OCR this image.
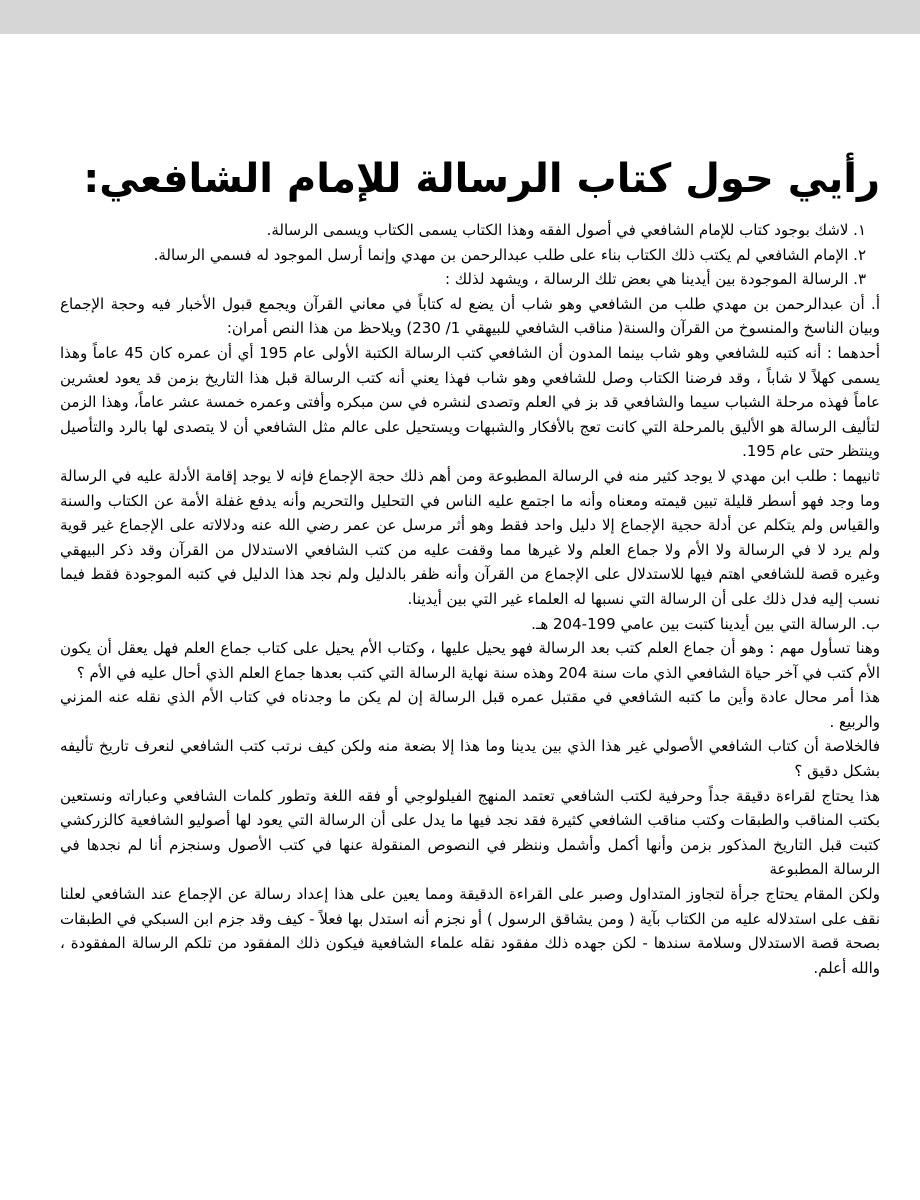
رأيي حول كتاب الرسالة للإمام الشافعي:

١. لاشك بوجود كتاب للإمام الشافعي في أصول الفقه وهذا الكتاب يسمى الكتاب ويسمى الرسالة.

٢. الإمام الشافعي لم يكتب ذلك الكتاب بناء على طلب عبدالرحمن بن مهدي وإنما أرسل الموجود له فسمي الرسالة.

٣. الرسالة الموجودة بين أيدينا هي بعض تلك الرسالة ، ويشهد لذلك :

أ. أن عبدالرحمن بن مهدي طلب من الشافعي وهو شاب أن يضع له كتاباً في معاني القرآن ويجمع قبول الأخبار فيه وحجة الإجماع وبيان الناسخ والمنسوخ من القرآن والسنة( مناقب الشافعي للبيهقي 1/ 230) ويلاحظ من هذا النص أمران:

أحدهما : أنه كتبه للشافعي وهو شاب بينما المدون أن الشافعي كتب الرسالة الكتبة الأولى عام 195 أي أن عمره كان 45 عاماً وهذا يسمى كهلاً لا شاباً ، وقد فرضنا الكتاب وصل للشافعي وهو شاب فهذا يعني أنه كتب الرسالة قبل هذا التاريخ بزمن قد يعود لعشرين عاماً فهذه مرحلة الشباب سيما والشافعي قد بز في العلم وتصدى لنشره في سن مبكره وأفتى وعمره خمسة عشر عاماً، وهذا الزمن لتأليف الرسالة هو الأليق بالمرحلة التي كانت تعج بالأفكار والشبهات ويستحيل على عالم مثل الشافعي أن لا يتصدى لها بالرد والتأصيل وينتظر حتى عام 195.

ثانيهما : طلب ابن مهدي لا يوجد كثير منه في الرسالة المطبوعة ومن أهم ذلك حجة الإجماع فإنه لا يوجد إقامة الأدلة عليه في الرسالة وما وجد فهو أسطر قليلة تبين قيمته ومعناه وأنه ما اجتمع عليه الناس في التحليل والتحريم وأنه يدفع غفلة الأمة عن الكتاب والسنة والقياس ولم يتكلم عن أدلة حجية الإجماع إلا دليل واحد فقط وهو أثر مرسل عن عمر رضي الله عنه ودلالاته على الإجماع غير قوية ولم يرد لا في الرسالة ولا الأم ولا جماع العلم ولا غيرها مما وقفت عليه من كتب الشافعي الاستدلال من القرآن وقد ذكر البيهقي وغيره قصة للشافعي اهتم فيها للاستدلال على الإجماع من القرآن وأنه ظفر بالدليل ولم نجد هذا الدليل في كتبه الموجودة فقط فيما نسب إليه فدل ذلك على أن الرسالة التي نسبها له العلماء غير التي بين أيدينا.

ب. الرسالة التي بين أيدينا كتبت بين عامي 199-204 هـ.

وهنا تسأول مهم : وهو أن جماع العلم كتب بعد الرسالة فهو يحيل عليها ، وكتاب الأم يحيل على كتاب جماع العلم فهل يعقل أن يكون الأم كتب في آخر حياة الشافعي الذي مات سنة 204 وهذه سنة نهاية الرسالة التي كتب بعدها جماع العلم الذي أحال عليه في الأم ؟

هذا أمر محال عادة وأين ما كتبه الشافعي في مقتبل عمره قبل الرسالة إن لم يكن ما وجدناه في كتاب الأم الذي نقله عنه المزني والربيع .

فالخلاصة أن كتاب الشافعي الأصولي غير هذا الذي بين يدينا وما هذا إلا بضعة منه ولكن كيف نرتب كتب الشافعي لنعرف تاريخ تأليفه بشكل دقيق ؟

هذا يحتاج لقراءة دقيقة جداً وحرفية لكتب الشافعي تعتمد المنهج الفيلولوجي أو فقه اللغة وتطور كلمات الشافعي وعباراته ونستعين بكتب المناقب والطبقات وكتب مناقب الشافعي كثيرة فقد نجد فيها ما يدل على أن الرسالة التي يعود لها أصوليو الشافعية كالزركشي كتبت قبل التاريخ المذكور بزمن وأنها أكمل وأشمل وننظر في النصوص المنقولة عنها في كتب الأصول وسنجزم أنا لم نجدها في الرسالة المطبوعة

ولكن المقام يحتاج جرأة لتجاوز المتداول وصبر على القراءة الدقيقة ومما يعين على هذا إعداد رسالة عن الإجماع عند الشافعي لعلنا نقف على استدلاله عليه من الكتاب بآية ( ومن يشاقق الرسول ) أو نجزم أنه استدل بها فعلاً - كيف وقد جزم ابن السبكي في الطبقات بصحة قصة الاستدلال وسلامة سندها - لكن جهده ذلك مفقود نقله علماء الشافعية فيكون ذلك المفقود من تلكم الرسالة المفقودة ، والله أعلم.
